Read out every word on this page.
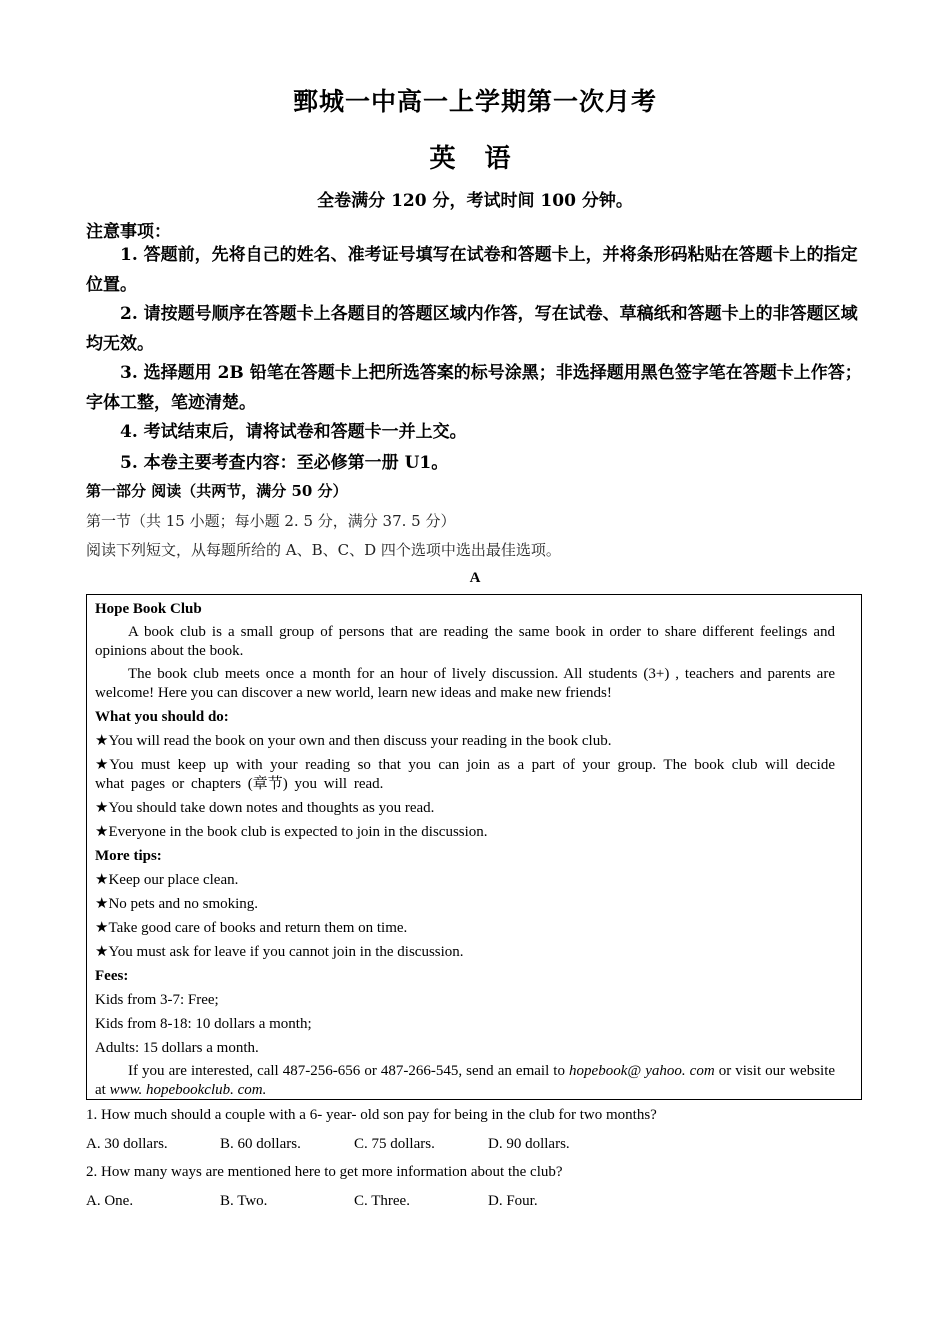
鄄城一中高一上学期第一次月考
英 语
全卷满分 120 分，考试时间 100 分钟。
注意事项：
1. 答题前，先将自己的姓名、准考证号填写在试卷和答题卡上，并将条形码粘贴在答题卡上的指定位置。
2. 请按题号顺序在答题卡上各题目的答题区域内作答，写在试卷、草稿纸和答题卡上的非答题区域均无效。
3. 选择题用 2B 铅笔在答题卡上把所选答案的标号涂黑；非选择题用黑色签字笔在答题卡上作答；字体工整，笔迹清楚。
4. 考试结束后，请将试卷和答题卡一并上交。
5. 本卷主要考查内容：至必修第一册 U1。
第一部分 阅读（共两节，满分 50 分）
第一节（共 15 小题；每小题 2. 5 分，满分 37. 5 分）
阅读下列短文，从每题所给的 A、B、C、D 四个选项中选出最佳选项。
A

Hope Book Club

A book club is a small group of persons that are reading the same book in order to share different feelings and opinions about the book.

The book club meets once a month for an hour of lively discussion. All students (3+) , teachers and parents are welcome! Here you can discover a new world, learn new ideas and make new friends!

What you should do:

★You will read the book on your own and then discuss your reading in the book club.

★You must keep up with your reading so that you can join as a part of your group. The book club will decide what pages or chapters (章节) you will read.

★You should take down notes and thoughts as you read.

★Everyone in the book club is expected to join in the discussion.

More tips:

★Keep our place clean.

★No pets and no smoking.

★Take good care of books and return them on time.

★You must ask for leave if you cannot join in the discussion.

Fees:

Kids from 3-7: Free;

Kids from 8-18: 10 dollars a month;

Adults: 15 dollars a month.

If you are interested, call 487-256-656 or 487-266-545, send an email to hopebook@ yahoo. com or visit our website at www. hopebookclub. com.

1. How much should a couple with a 6- year- old son pay for being in the club for two months?
A. 30 dollars.	B. 60 dollars.	C. 75 dollars.	D. 90 dollars.
2. How many ways are mentioned here to get more information about the club?
A. One.	B. Two.	C. Three.	D. Four.
